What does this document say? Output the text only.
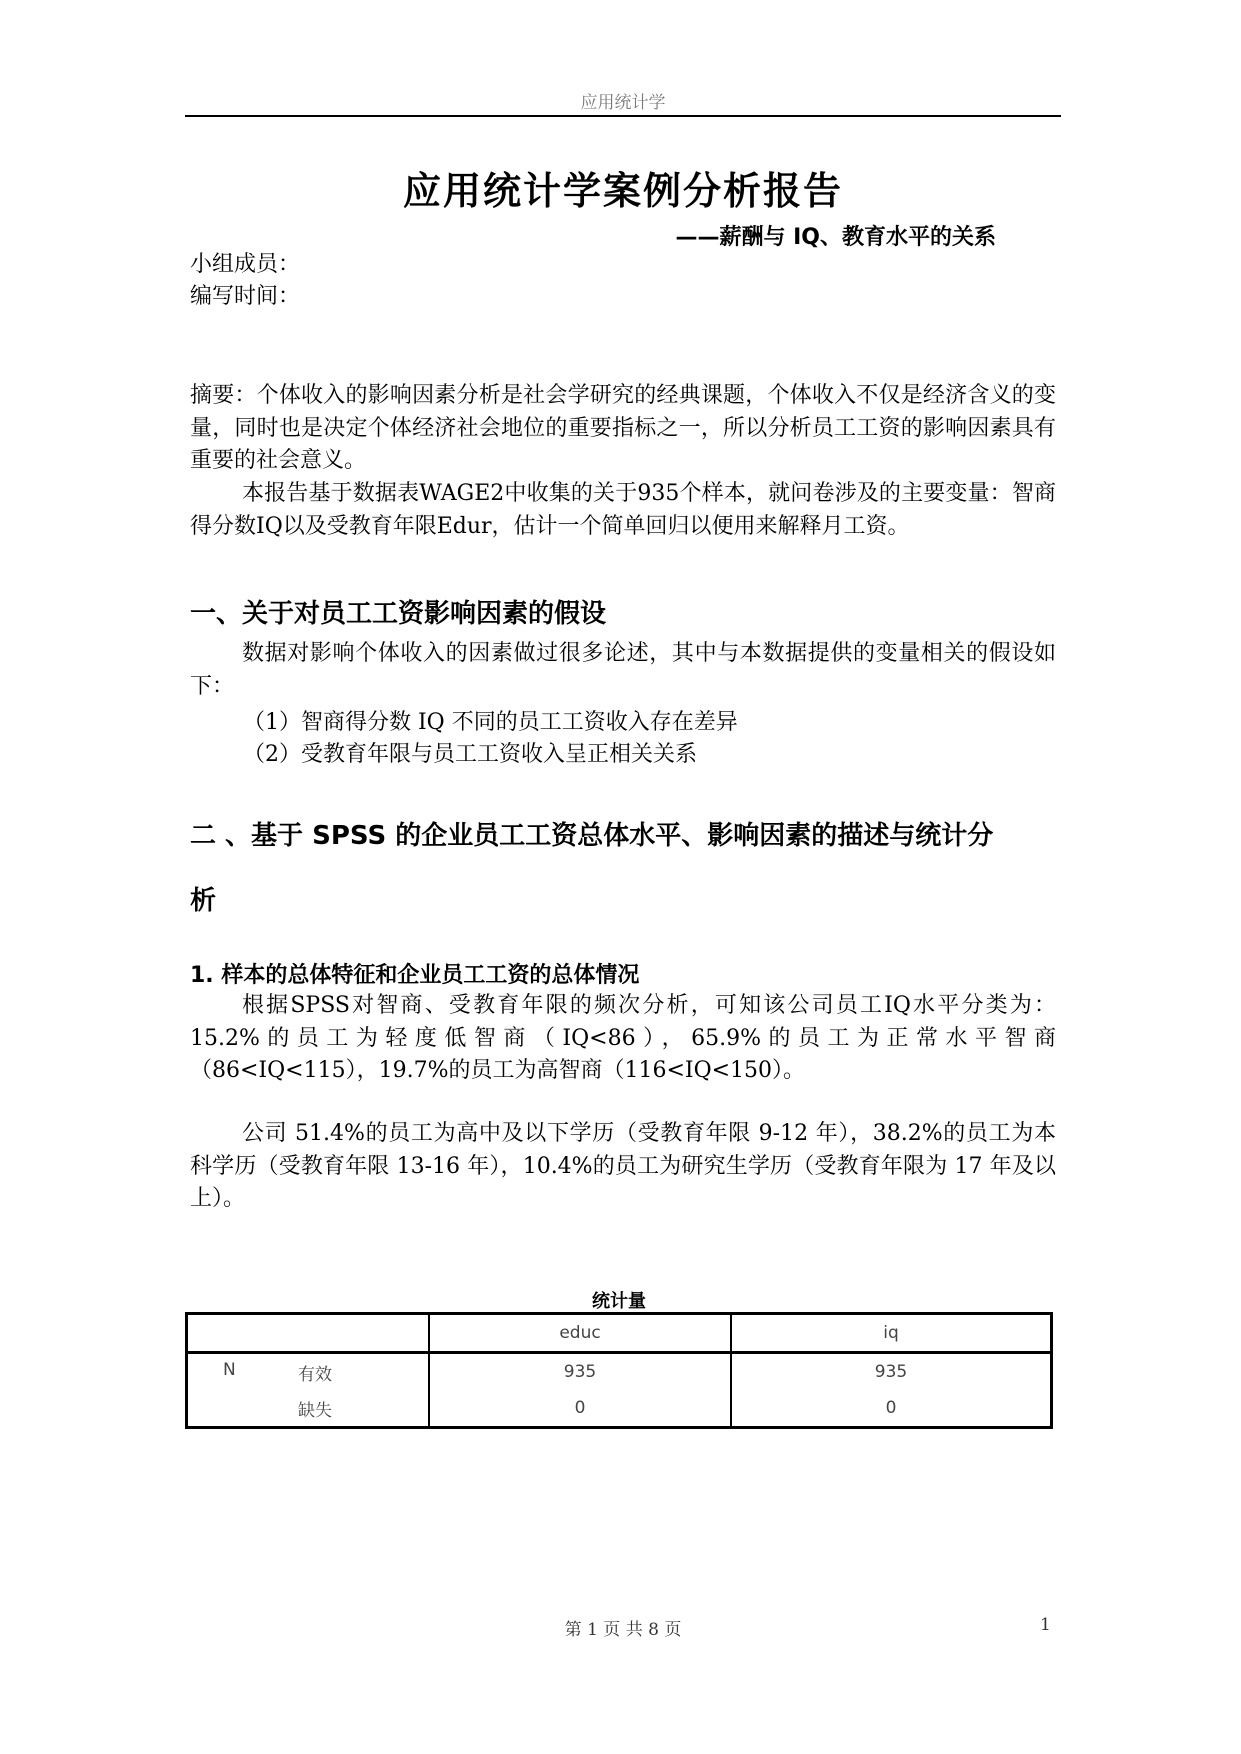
应用统计学
应用统计学案例分析报告
——薪酬与 IQ、教育水平的关系
小组成员：
编写时间：
摘要：个体收入的影响因素分析是社会学研究的经典课题，个体收入不仅是经济含义的变量，同时也是决定个体经济社会地位的重要指标之一，所以分析员工工资的影响因素具有重要的社会意义。
本报告基于数据表WAGE2中收集的关于935个样本，就问卷涉及的主要变量：智商得分数IQ以及受教育年限Edur，估计一个简单回归以便用来解释月工资。
一、关于对员工工资影响因素的假设
数据对影响个体收入的因素做过很多论述，其中与本数据提供的变量相关的假设如下：
（1）智商得分数 IQ 不同的员工工资收入存在差异
（2）受教育年限与员工工资收入呈正相关关系
二 、基于 SPSS 的企业员工工资总体水平、影响因素的描述与统计分
析
1. 样本的总体特征和企业员工工资的总体情况
根据SPSS对智商、受教育年限的频次分析，可知该公司员工IQ水平分类为：15.2%的员工为轻度低智商（IQ<86），65.9%的员工为正常水平智商（86<IQ<115），19.7%的员工为高智商（116<IQ<150）。
公司 51.4%的员工为高中及以下学历（受教育年限 9-12 年），38.2%的员工为本科学历（受教育年限 13-16 年），10.4%的员工为研究生学历（受教育年限为 17 年及以上）。
统计量
	educ	iq

N 有效	935	935

缺失	0	0
第 1 页 共 8 页	1
